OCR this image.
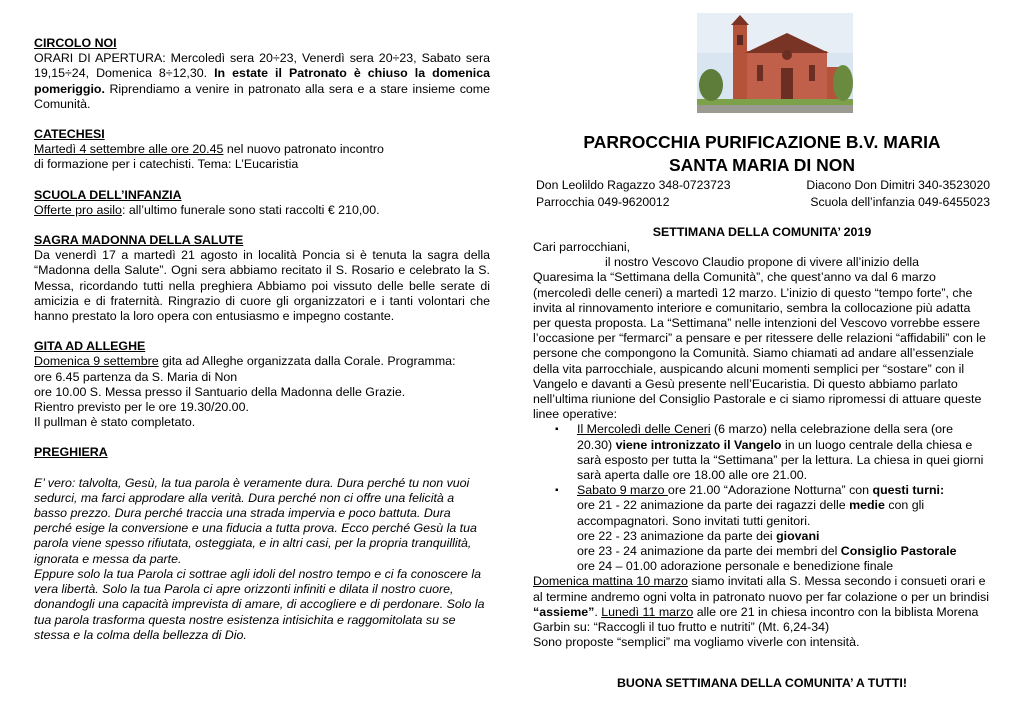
CIRCOLO NOI
ORARI DI APERTURA: Mercoledì sera 20÷23, Venerdì sera 20÷23, Sabato sera 19,15÷24, Domenica 8÷12,30. In estate il Patronato è chiuso la domenica pomeriggio. Riprendiamo a venire in patronato alla sera e a stare insieme come Comunità.
CATECHESI
Martedì 4 settembre alle ore 20.45 nel nuovo patronato incontro
di formazione per i catechisti. Tema: L’Eucaristia
SCUOLA DELL’INFANZIA
Offerte pro asilo: all’ultimo funerale sono stati raccolti € 210,00.
SAGRA MADONNA DELLA SALUTE
Da venerdì 17 a martedì 21 agosto in località Poncia si è tenuta la sagra della “Madonna della Salute”. Ogni sera abbiamo recitato il S. Rosario e celebrato la S. Messa, ricordando tutti nella preghiera Abbiamo poi vissuto delle belle serate di amicizia e di fraternità. Ringrazio di cuore gli organizzatori e i tanti volontari che hanno prestato la loro opera con entusiasmo e impegno costante.
GITA AD ALLEGHE
Domenica 9 settembre gita ad Alleghe organizzata dalla Corale. Programma:
ore 6.45 partenza da S. Maria di Non
ore 10.00 S. Messa presso il Santuario della Madonna delle Grazie.
Rientro previsto per le ore 19.30/20.00.
Il pullman è stato completato.
PREGHIERA

E’ vero: talvolta, Gesù, la tua parola è veramente dura. Dura perché tu non vuoi sedurci, ma farci approdare alla verità. Dura perché non ci offre una felicità a basso prezzo. Dura perché traccia una strada impervia e poco battuta. Dura perché esige la conversione e una fiducia a tutta prova. Ecco perché Gesù la tua parola viene spesso rifiutata, osteggiata, e in altri casi, per la propria tranquillità, ignorata e messa da parte.

Eppure solo la tua Parola ci sottrae agli idoli del nostro tempo e ci fa conoscere la vera libertà. Solo la tua Parola ci apre orizzonti infiniti e dilata il nostro cuore, donandogli una capacità imprevista di amare, di accogliere e di perdonare. Solo la tua parola trasforma questa nostre esistenza intisichita e raggomitolata su se stessa e la colma della bellezza di Dio.

PARROCCHIA PURIFICAZIONE B.V. MARIA
SANTA MARIA DI NON
Don Leolildo Ragazzo 348-0723723	Diacono Don Dimitri 340-3523020
Parrocchia 049-9620012	Scuola dell’infanzia 049-6455023
SETTIMANA DELLA COMUNITA’ 2019

Cari parrocchiani,

il nostro Vescovo Claudio propone di vivere all’inizio della

Quaresima la “Settimana della Comunità”, che quest’anno va dal 6 marzo (mercoledì delle ceneri) a martedì 12 marzo. L’inizio di questo “tempo forte”, che invita al rinnovamento interiore e comunitario, sembra la collocazione più adatta per questa proposta. La “Settimana” nelle intenzioni del Vescovo vorrebbe essere l’occasione per “fermarci” a pensare e per ritessere delle relazioni “affidabili” con le persone che compongono la Comunità. Siamo chiamati ad andare all’essenziale della vita parrocchiale, auspicando alcuni momenti semplici per “sostare” con il Vangelo e davanti a Gesù presente nell’Eucaristia. Di questo abbiamo parlato nell’ultima riunione del Consiglio Pastorale e ci siamo ripromessi di attuare queste linee operative:

▪ Il Mercoledì delle Ceneri (6 marzo) nella celebrazione della sera (ore 20.30) viene intronizzato il Vangelo in un luogo centrale della chiesa e sarà esposto per tutta la “Settimana” per la lettura. La chiesa in quei giorni sarà aperta dalle ore 18.00 alle ore 21.00.
▪ Sabato 9 marzo ore 21.00 “Adorazione Notturna” con questi turni:
ore 21 - 22 animazione da parte dei ragazzi delle medie con gli accompagnatori. Sono invitati tutti genitori.
ore 22 - 23 animazione da parte dei giovani
ore 23 - 24 animazione da parte dei membri del Consiglio Pastorale
ore 24 – 01.00 adorazione personale e benedizione finale

Domenica mattina 10 marzo siamo invitati alla S. Messa secondo i consueti orari e al termine andremo ogni volta in patronato nuovo per far colazione o per un brindisi “assieme”. Lunedì 11 marzo alle ore 21 in chiesa incontro con la biblista Morena Garbin su: “Raccogli il tuo frutto e nutriti” (Mt. 6,24-34)

Sono proposte “semplici” ma vogliamo viverle con intensità.

BUONA SETTIMANA DELLA COMUNITA’ A TUTTI!
